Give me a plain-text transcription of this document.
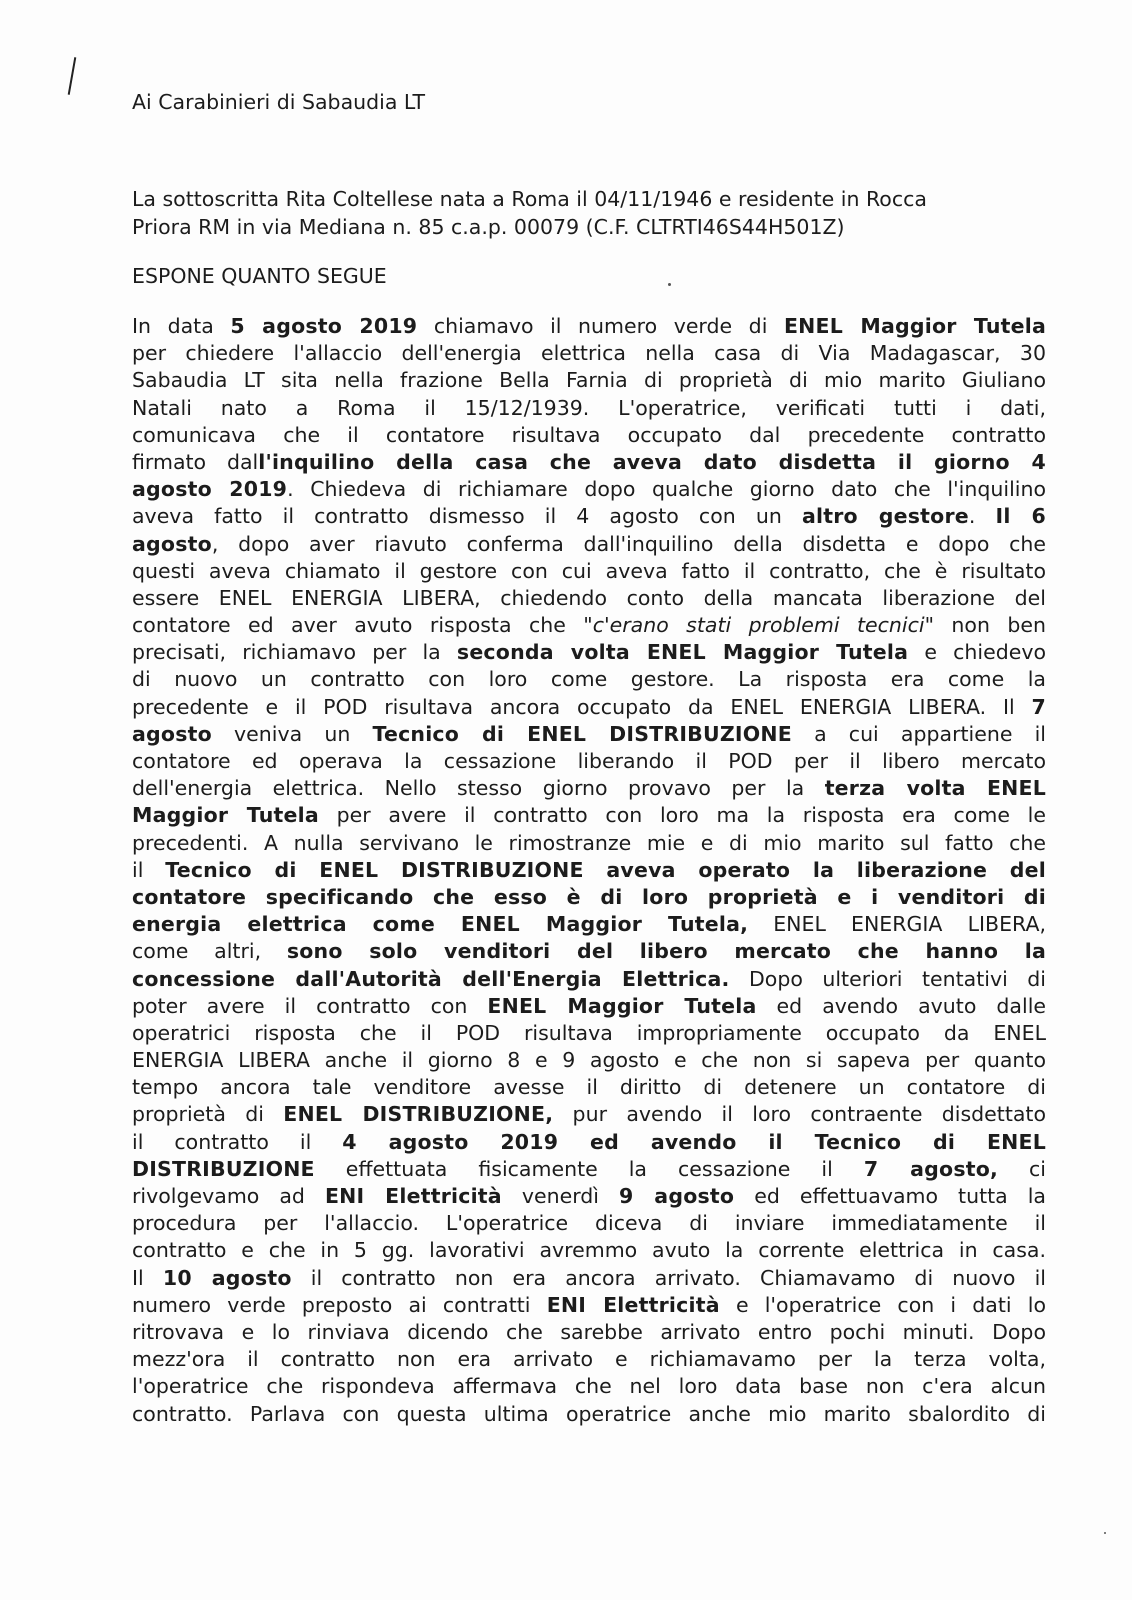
Ai Carabinieri di Sabaudia LT
La sottoscritta Rita Coltellese nata a Roma il 04/11/1946 e residente in Rocca
Priora RM in via Mediana n. 85 c.a.p. 00079 (C.F. CLTRTI46S44H501Z)
ESPONE QUANTO SEGUE
In data 5 agosto 2019 chiamavo il numero verde di ENEL Maggior Tutela
per chiedere l'allaccio dell'energia elettrica nella casa di Via Madagascar, 30
Sabaudia LT sita nella frazione Bella Farnia di proprietà di mio marito Giuliano
Natali nato a Roma il 15/12/1939. L'operatrice, verificati tutti i dati,
comunicava che il contatore risultava occupato dal precedente contratto
firmato dall'inquilino della casa che aveva dato disdetta il giorno 4
agosto 2019. Chiedeva di richiamare dopo qualche giorno dato che l'inquilino
aveva fatto il contratto dismesso il 4 agosto con un altro gestore. Il 6
agosto, dopo aver riavuto conferma dall'inquilino della disdetta e dopo che
questi aveva chiamato il gestore con cui aveva fatto il contratto, che è risultato
essere ENEL ENERGIA LIBERA, chiedendo conto della mancata liberazione del
contatore ed aver avuto risposta che "c'erano stati problemi tecnici" non ben
precisati, richiamavo per la seconda volta ENEL Maggior Tutela e chiedevo
di nuovo un contratto con loro come gestore. La risposta era come la
precedente e il POD risultava ancora occupato da ENEL ENERGIA LIBERA. Il 7
agosto veniva un Tecnico di ENEL DISTRIBUZIONE a cui appartiene il
contatore ed operava la cessazione liberando il POD per il libero mercato
dell'energia elettrica. Nello stesso giorno provavo per la terza volta ENEL
Maggior Tutela per avere il contratto con loro ma la risposta era come le
precedenti. A nulla servivano le rimostranze mie e di mio marito sul fatto che
il Tecnico di ENEL DISTRIBUZIONE aveva operato la liberazione del
contatore specificando che esso è di loro proprietà e i venditori di
energia elettrica come ENEL Maggior Tutela, ENEL ENERGIA LIBERA,
come altri, sono solo venditori del libero mercato che hanno la
concessione dall'Autorità dell'Energia Elettrica. Dopo ulteriori tentativi di
poter avere il contratto con ENEL Maggior Tutela ed avendo avuto dalle
operatrici risposta che il POD risultava impropriamente occupato da ENEL
ENERGIA LIBERA anche il giorno 8 e 9 agosto e che non si sapeva per quanto
tempo ancora tale venditore avesse il diritto di detenere un contatore di
proprietà di ENEL DISTRIBUZIONE, pur avendo il loro contraente disdettato
il contratto il 4 agosto 2019 ed avendo il Tecnico di ENEL
DISTRIBUZIONE effettuata fisicamente la cessazione il 7 agosto, ci
rivolgevamo ad ENI Elettricità venerdì 9 agosto ed effettuavamo tutta la
procedura per l'allaccio. L'operatrice diceva di inviare immediatamente il
contratto e che in 5 gg. lavorativi avremmo avuto la corrente elettrica in casa.
Il 10 agosto il contratto non era ancora arrivato. Chiamavamo di nuovo il
numero verde preposto ai contratti ENI Elettricità e l'operatrice con i dati lo
ritrovava e lo rinviava dicendo che sarebbe arrivato entro pochi minuti. Dopo
mezz'ora il contratto non era arrivato e richiamavamo per la terza volta,
l'operatrice che rispondeva affermava che nel loro data base non c'era alcun
contratto. Parlava con questa ultima operatrice anche mio marito sbalordito di
